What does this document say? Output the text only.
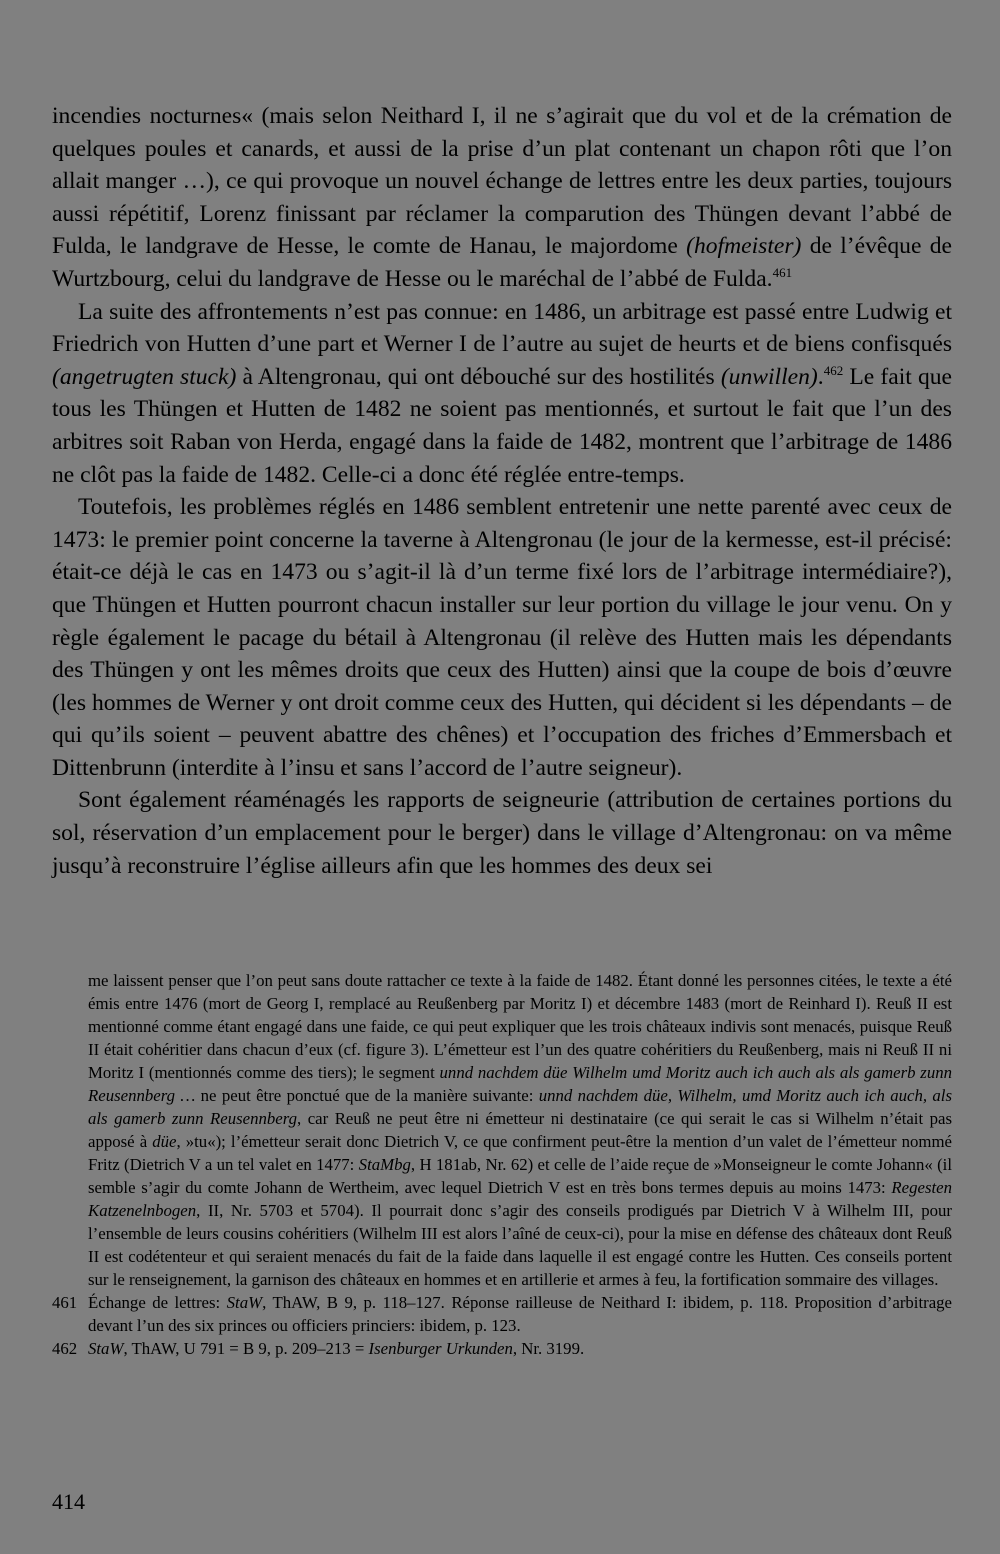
incendies nocturnes« (mais selon Neithard I, il ne s’agirait que du vol et de la crémation de quelques poules et canards, et aussi de la prise d’un plat contenant un chapon rôti que l’on allait manger …), ce qui provoque un nouvel échange de lettres entre les deux parties, toujours aussi répétitif, Lorenz finissant par réclamer la comparution des Thüngen devant l’abbé de Fulda, le landgrave de Hesse, le comte de Hanau, le majordome (hofmeister) de l’évêque de Wurtzbourg, celui du landgrave de Hesse ou le maréchal de l’abbé de Fulda.$^{461}$

La suite des affrontements n’est pas connue: en 1486, un arbitrage est passé entre Ludwig et Friedrich von Hutten d’une part et Werner I de l’autre au sujet de heurts et de biens confisqués (angetrugten stuck) à Altengronau, qui ont débouché sur des hostilités (unwillen).$^{462}$ Le fait que tous les Thüngen et Hutten de 1482 ne soient pas mentionnés, et surtout le fait que l’un des arbitres soit Raban von Herda, engagé dans la faide de 1482, montrent que l’arbitrage de 1486 ne clôt pas la faide de 1482. Celle-ci a donc été réglée entre-temps.

Toutefois, les problèmes réglés en 1486 semblent entretenir une nette parenté avec ceux de 1473: le premier point concerne la taverne à Altengronau (le jour de la kermesse, est-il précisé: était-ce déjà le cas en 1473 ou s’agit-il là d’un terme fixé lors de l’arbitrage intermédiaire?), que Thüngen et Hutten pourront chacun installer sur leur portion du village le jour venu. On y règle également le pacage du bétail à Altengronau (il relève des Hutten mais les dépendants des Thüngen y ont les mêmes droits que ceux des Hutten) ainsi que la coupe de bois d’œuvre (les hommes de Werner y ont droit comme ceux des Hutten, qui décident si les dépendants – de qui qu’ils soient – peuvent abattre des chênes) et l’occupation des friches d’Emmersbach et Dittenbrunn (interdite à l’insu et sans l’accord de l’autre seigneur).

Sont également réaménagés les rapports de seigneurie (attribution de certaines portions du sol, réservation d’un emplacement pour le berger) dans le village d’Altengronau: on va même jusqu’à reconstruire l’église ailleurs afin que les hommes des deux sei

me laissent penser que l’on peut sans doute rattacher ce texte à la faide de 1482. Étant donné les personnes citées, le texte a été émis entre 1476 (mort de Georg I, remplacé au Reußenberg par Moritz I) et décembre 1483 (mort de Reinhard I). Reuß II est mentionné comme étant engagé dans une faide, ce qui peut expliquer que les trois châteaux indivis sont menacés, puisque Reuß II était cohéritier dans chacun d’eux (cf. figure 3). L’émetteur est l’un des quatre cohéritiers du Reußenberg, mais ni Reuß II ni Moritz I (mentionnés comme des tiers); le segment unnd nachdem düe Wilhelm umd Moritz auch ich auch als als gamerb zunn Reusennberg … ne peut être ponctué que de la manière suivante: unnd nachdem düe, Wilhelm, umd Moritz auch ich auch, als als gamerb zunn Reusennberg, car Reuß ne peut être ni émetteur ni destinataire (ce qui serait le cas si Wilhelm n’était pas apposé à düe, »tu«); l’émetteur serait donc Dietrich V, ce que confirment peut-être la mention d’un valet de l’émetteur nommé Fritz (Dietrich V a un tel valet en 1477: StaMbg, H 181ab, Nr. 62) et celle de l’aide reçue de »Monseigneur le comte Johann« (il semble s’agir du comte Johann de Wertheim, avec lequel Dietrich V est en très bons termes depuis au moins 1473: Regesten Katzenelnbogen, II, Nr. 5703 et 5704). Il pourrait donc s’agir des conseils prodigués par Dietrich V à Wilhelm III, pour l’ensemble de leurs cousins cohéritiers (Wilhelm III est alors l’aîné de ceux-ci), pour la mise en défense des châteaux dont Reuß II est codétenteur et qui seraient menacés du fait de la faide dans laquelle il est engagé contre les Hutten. Ces conseils portent sur le renseignement, la garnison des châteaux en hommes et en artillerie et armes à feu, la fortification sommaire des villages.

461 Échange de lettres: StaW, ThAW, B 9, p. 118–127. Réponse railleuse de Neithard I: ibidem, p. 118. Proposition d’arbitrage devant l’un des six princes ou officiers princiers: ibidem, p. 123.
462 StaW, ThAW, U 791 = B 9, p. 209–213 = Isenburger Urkunden, Nr. 3199.
414
